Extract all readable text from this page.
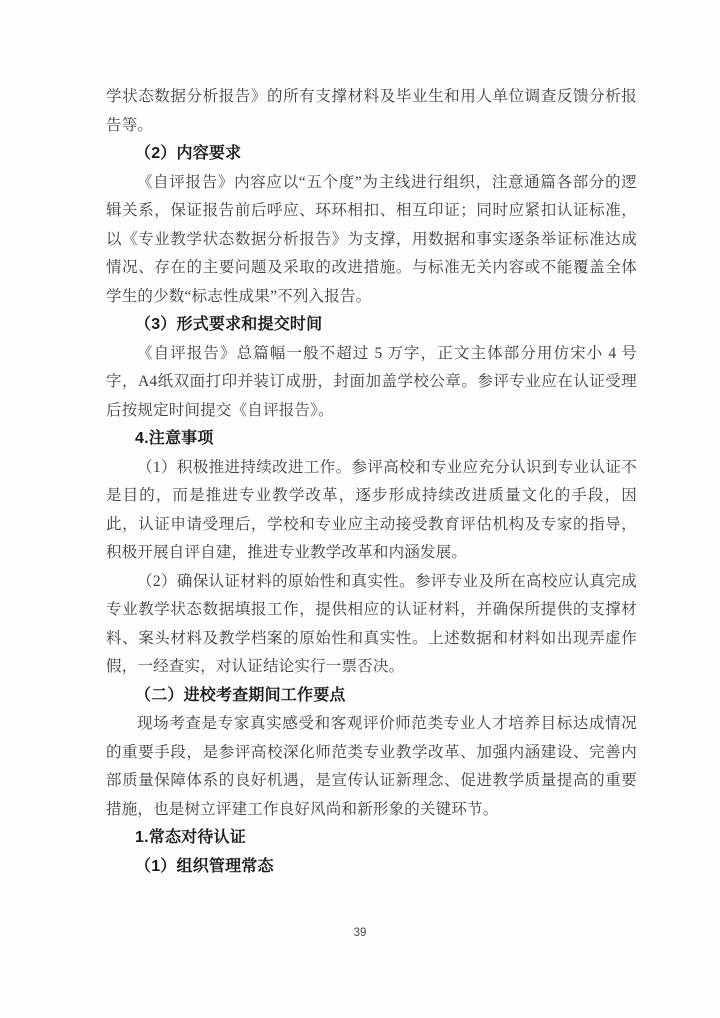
学状态数据分析报告》的所有支撑材料及毕业生和用人单位调查反馈分析报告等。

（2）内容要求

《自评报告》内容应以“五个度”为主线进行组织，注意通篇各部分的逻辑关系，保证报告前后呼应、环环相扣、相互印证；同时应紧扣认证标准，以《专业教学状态数据分析报告》为支撑，用数据和事实逐条举证标准达成情况、存在的主要问题及采取的改进措施。与标准无关内容或不能覆盖全体学生的少数“标志性成果”不列入报告。

（3）形式要求和提交时间

《自评报告》总篇幅一般不超过 5 万字，正文主体部分用仿宋小 4 号字，A4纸双面打印并装订成册，封面加盖学校公章。参评专业应在认证受理后按规定时间提交《自评报告》。

4.注意事项

（1）积极推进持续改进工作。参评高校和专业应充分认识到专业认证不是目的，而是推进专业教学改革，逐步形成持续改进质量文化的手段，因此，认证申请受理后，学校和专业应主动接受教育评估机构及专家的指导，积极开展自评自建，推进专业教学改革和内涵发展。

（2）确保认证材料的原始性和真实性。参评专业及所在高校应认真完成专业教学状态数据填报工作，提供相应的认证材料，并确保所提供的支撑材料、案头材料及教学档案的原始性和真实性。上述数据和材料如出现弄虚作假，一经查实，对认证结论实行一票否决。

（二）进校考查期间工作要点

现场考查是专家真实感受和客观评价师范类专业人才培养目标达成情况的重要手段，是参评高校深化师范类专业教学改革、加强内涵建设、完善内部质量保障体系的良好机遇，是宣传认证新理念、促进教学质量提高的重要措施，也是树立评建工作良好风尚和新形象的关键环节。

1.常态对待认证

（1）组织管理常态

39
